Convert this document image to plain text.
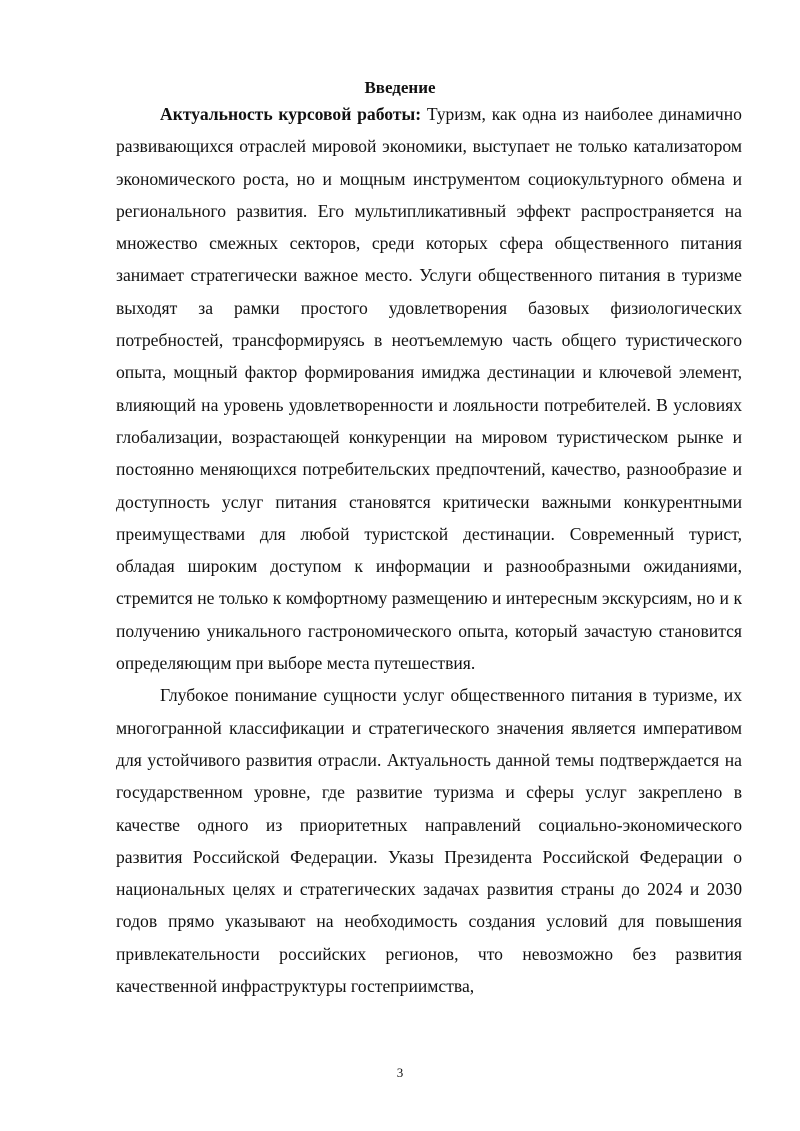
Введение

Актуальность курсовой работы: Туризм, как одна из наиболее динамично развивающихся отраслей мировой экономики, выступает не только катализатором экономического роста, но и мощным инструментом социокультурного обмена и регионального развития. Его мультипликативный эффект распространяется на множество смежных секторов, среди которых сфера общественного питания занимает стратегически важное место. Услуги общественного питания в туризме выходят за рамки простого удовлетворения базовых физиологических потребностей, трансформируясь в неотъемлемую часть общего туристического опыта, мощный фактор формирования имиджа дестинации и ключевой элемент, влияющий на уровень удовлетворенности и лояльности потребителей. В условиях глобализации, возрастающей конкуренции на мировом туристическом рынке и постоянно меняющихся потребительских предпочтений, качество, разнообразие и доступность услуг питания становятся критически важными конкурентными преимуществами для любой туристской дестинации. Современный турист, обладая широким доступом к информации и разнообразными ожиданиями, стремится не только к комфортному размещению и интересным экскурсиям, но и к получению уникального гастрономического опыта, который зачастую становится определяющим при выборе места путешествия.

Глубокое понимание сущности услуг общественного питания в туризме, их многогранной классификации и стратегического значения является императивом для устойчивого развития отрасли. Актуальность данной темы подтверждается на государственном уровне, где развитие туризма и сферы услуг закреплено в качестве одного из приоритетных направлений социально-экономического развития Российской Федерации. Указы Президента Российской Федерации о национальных целях и стратегических задачах развития страны до 2024 и 2030 годов прямо указывают на необходимость создания условий для повышения привлекательности российских регионов, что невозможно без развития качественной инфраструктуры гостеприимства,

3
